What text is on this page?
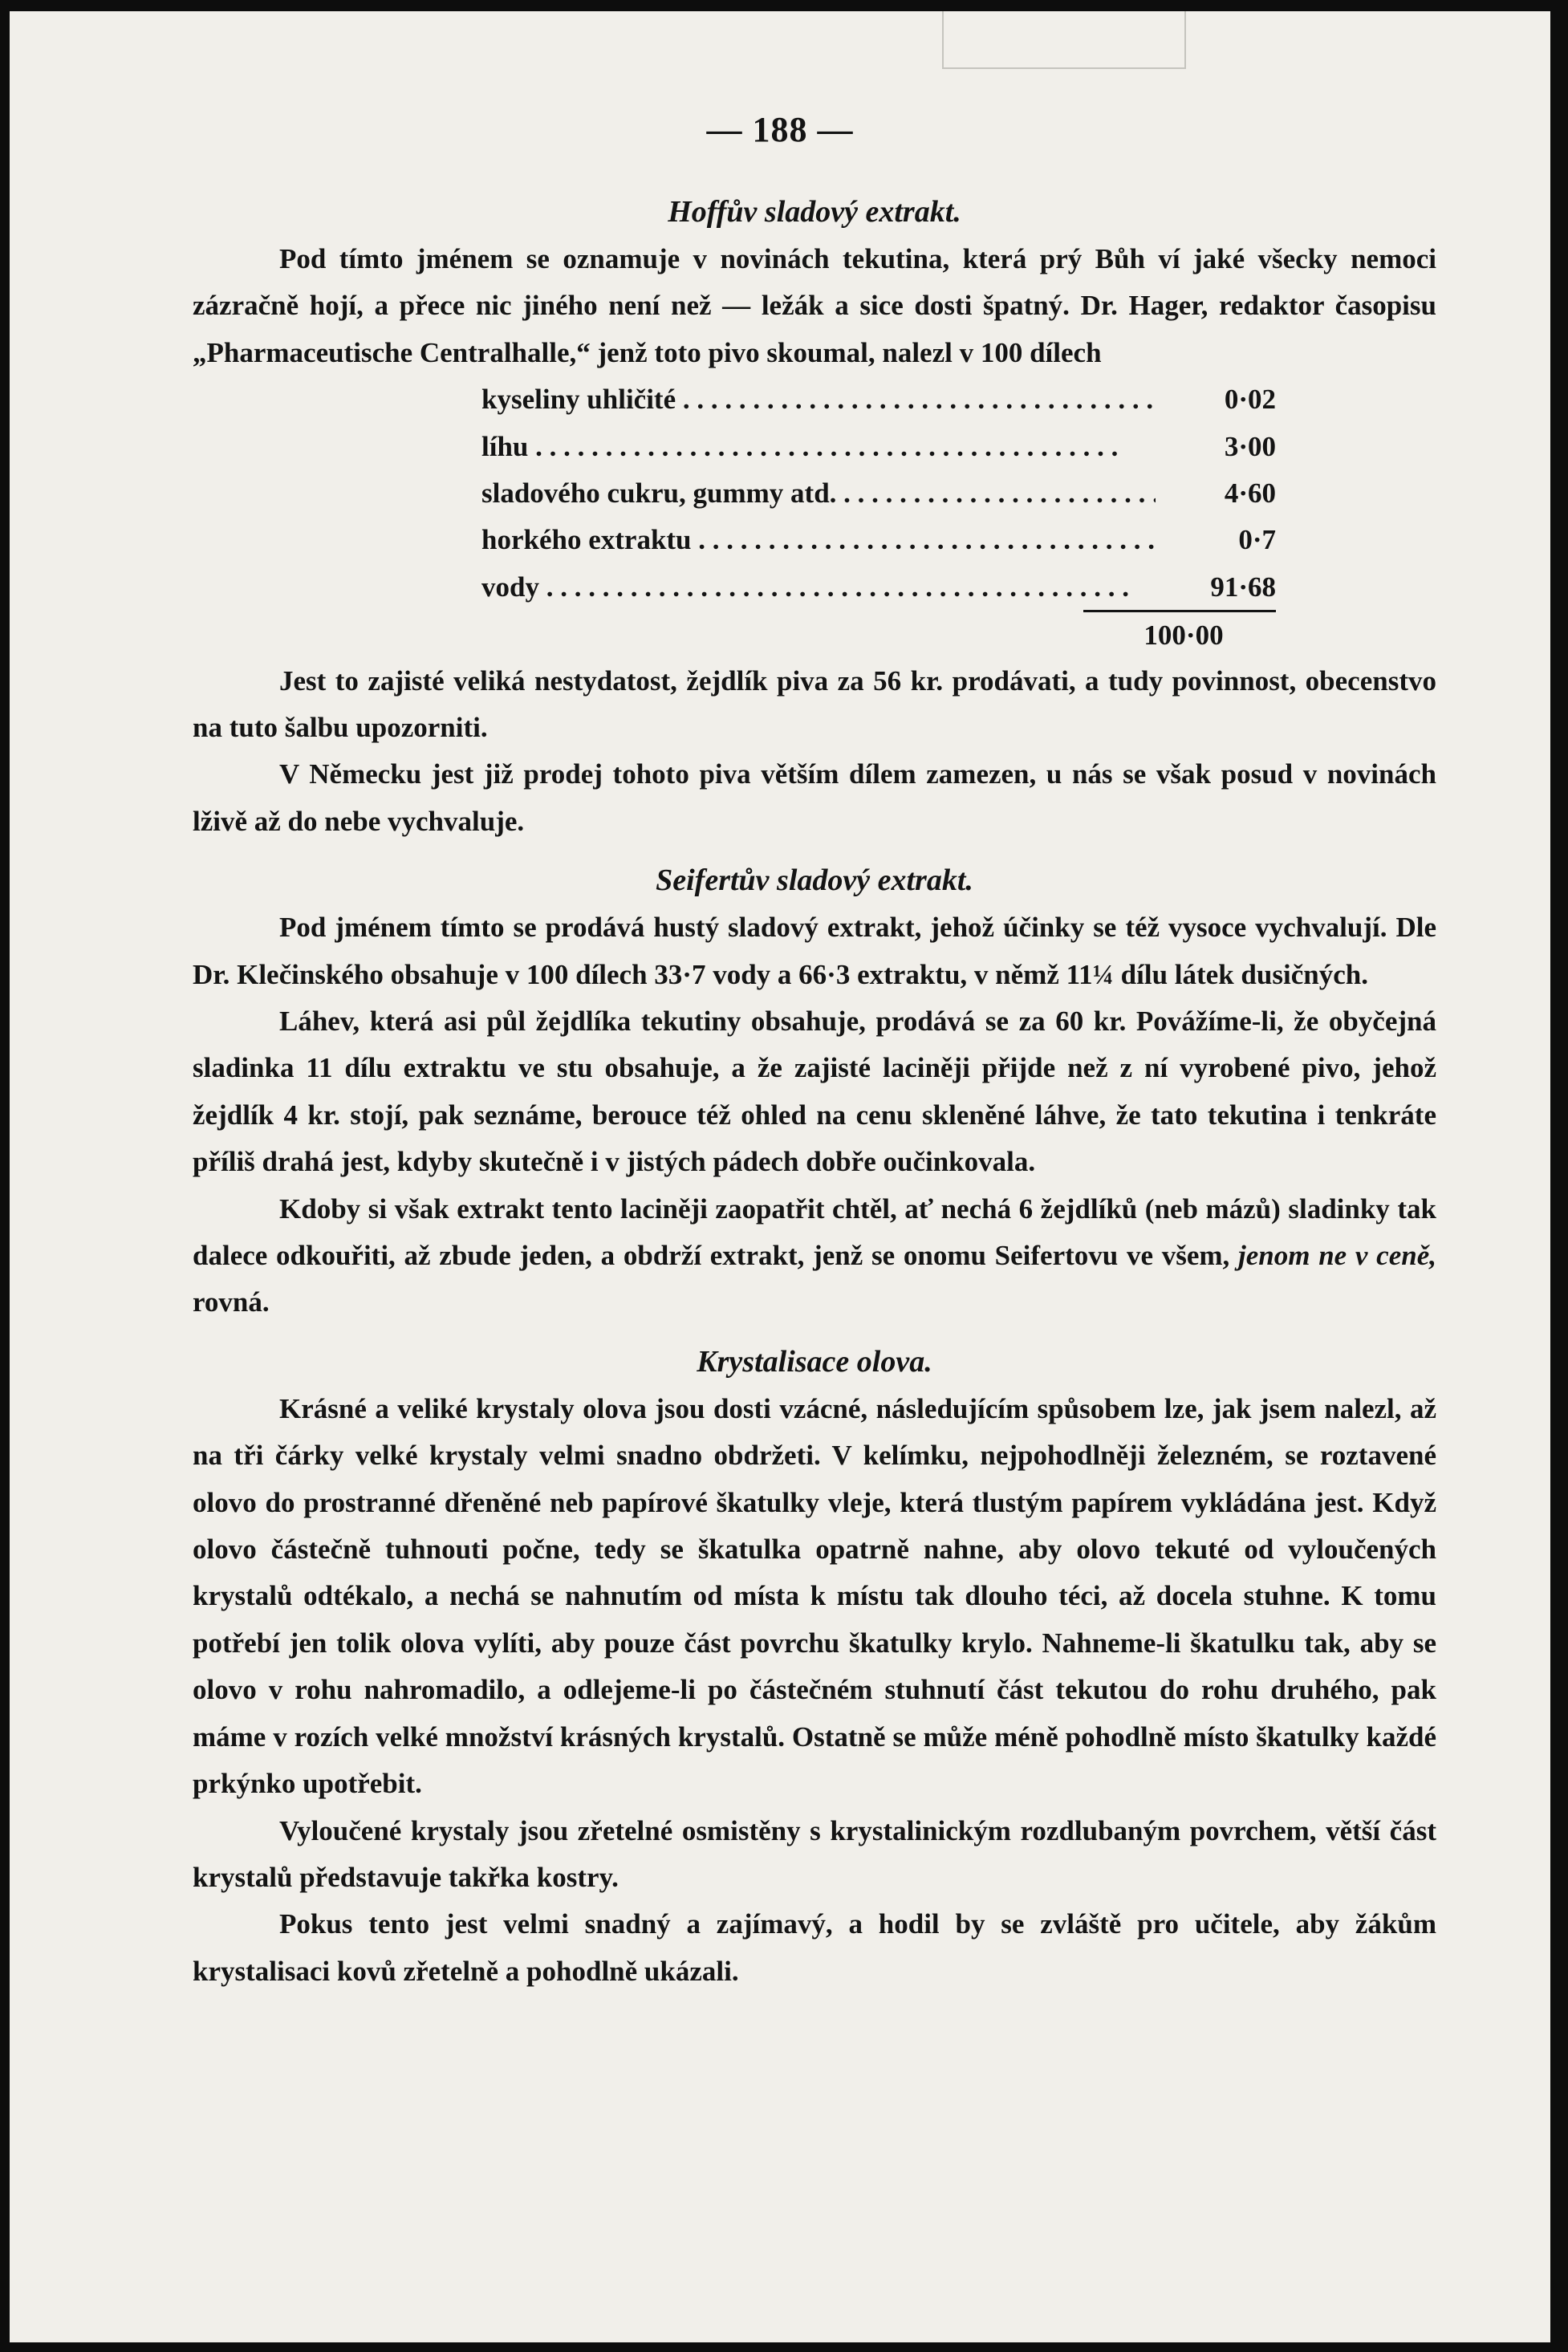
— 188 —
Hoffův sladový extrakt.

Pod tímto jménem se oznamuje v novinách tekutina, která prý Bůh ví jaké všecky nemoci zázračně hojí, a přece nic jiného není než — ležák a sice dosti špatný. Dr. Hager, redaktor časopisu „Pharmaceutische Centralhalle,“ jenž toto pivo skoumal, nalezl v 100 dílech

kyseliny uhličité . . .	0·02
líhu . . .	3·00
sladového cukru, gummy atd. . . .	4·60
horkého extraktu . . .	0·7
vody . . .	91·68
100·00

Jest to zajisté veliká nestydatost, žejdlík piva za 56 kr. prodávati, a tudy povinnost, obecenstvo na tuto šalbu upozorniti.

V Německu jest již prodej tohoto piva větším dílem zamezen, u nás se však posud v novinách lživě až do nebe vychvaluje.

Seifertův sladový extrakt.

Pod jménem tímto se prodává hustý sladový extrakt, jehož účinky se též vysoce vychvalují. Dle Dr. Klečinského obsahuje v 100 dílech 33·7 vody a 66·3 extraktu, v němž 11¼ dílu látek dusičných.

Láhev, která asi půl žejdlíka tekutiny obsahuje, prodává se za 60 kr. Povážíme-li, že obyčejná sladinka 11 dílu extraktu ve stu obsahuje, a že zajisté laciněji přijde než z ní vyrobené pivo, jehož žejdlík 4 kr. stojí, pak seznáme, berouce též ohled na cenu skleněné láhve, že tato tekutina i tenkráte příliš drahá jest, kdyby skutečně i v jistých pádech dobře oučinkovala.

Kdoby si však extrakt tento laciněji zaopatřit chtěl, ať nechá 6 žejdlíků (neb mázů) sladinky tak dalece odkouřiti, až zbude jeden, a obdrží extrakt, jenž se onomu Seifertovu ve všem, jenom ne v ceně, rovná.

Krystalisace olova.

Krásné a veliké krystaly olova jsou dosti vzácné, následujícím spůsobem lze, jak jsem nalezl, až na tři čárky velké krystaly velmi snadno obdržeti. V kelímku, nejpohodlněji železném, se roztavené olovo do prostranné dřeněné neb papírové škatulky vleje, která tlustým papírem vykládána jest. Když olovo částečně tuhnouti počne, tedy se škatulka opatrně nahne, aby olovo tekuté od vyloučených krystalů odtékalo, a nechá se nahnutím od místa k místu tak dlouho téci, až docela stuhne. K tomu potřebí jen tolik olova vylíti, aby pouze část povrchu škatulky krylo. Nahneme-li škatulku tak, aby se olovo v rohu nahromadilo, a odlejeme-li po částečném stuhnutí část tekutou do rohu druhého, pak máme v rozích velké množství krásných krystalů. Ostatně se může méně pohodlně místo škatulky každé prkýnko upotřebit.

Vyloučené krystaly jsou zřetelné osmistěny s krystalinickým rozdlubaným povrchem, větší část krystalů představuje takřka kostry.

Pokus tento jest velmi snadný a zajímavý, a hodil by se zvláště pro učitele, aby žákům krystalisaci kovů zřetelně a pohodlně ukázali.
